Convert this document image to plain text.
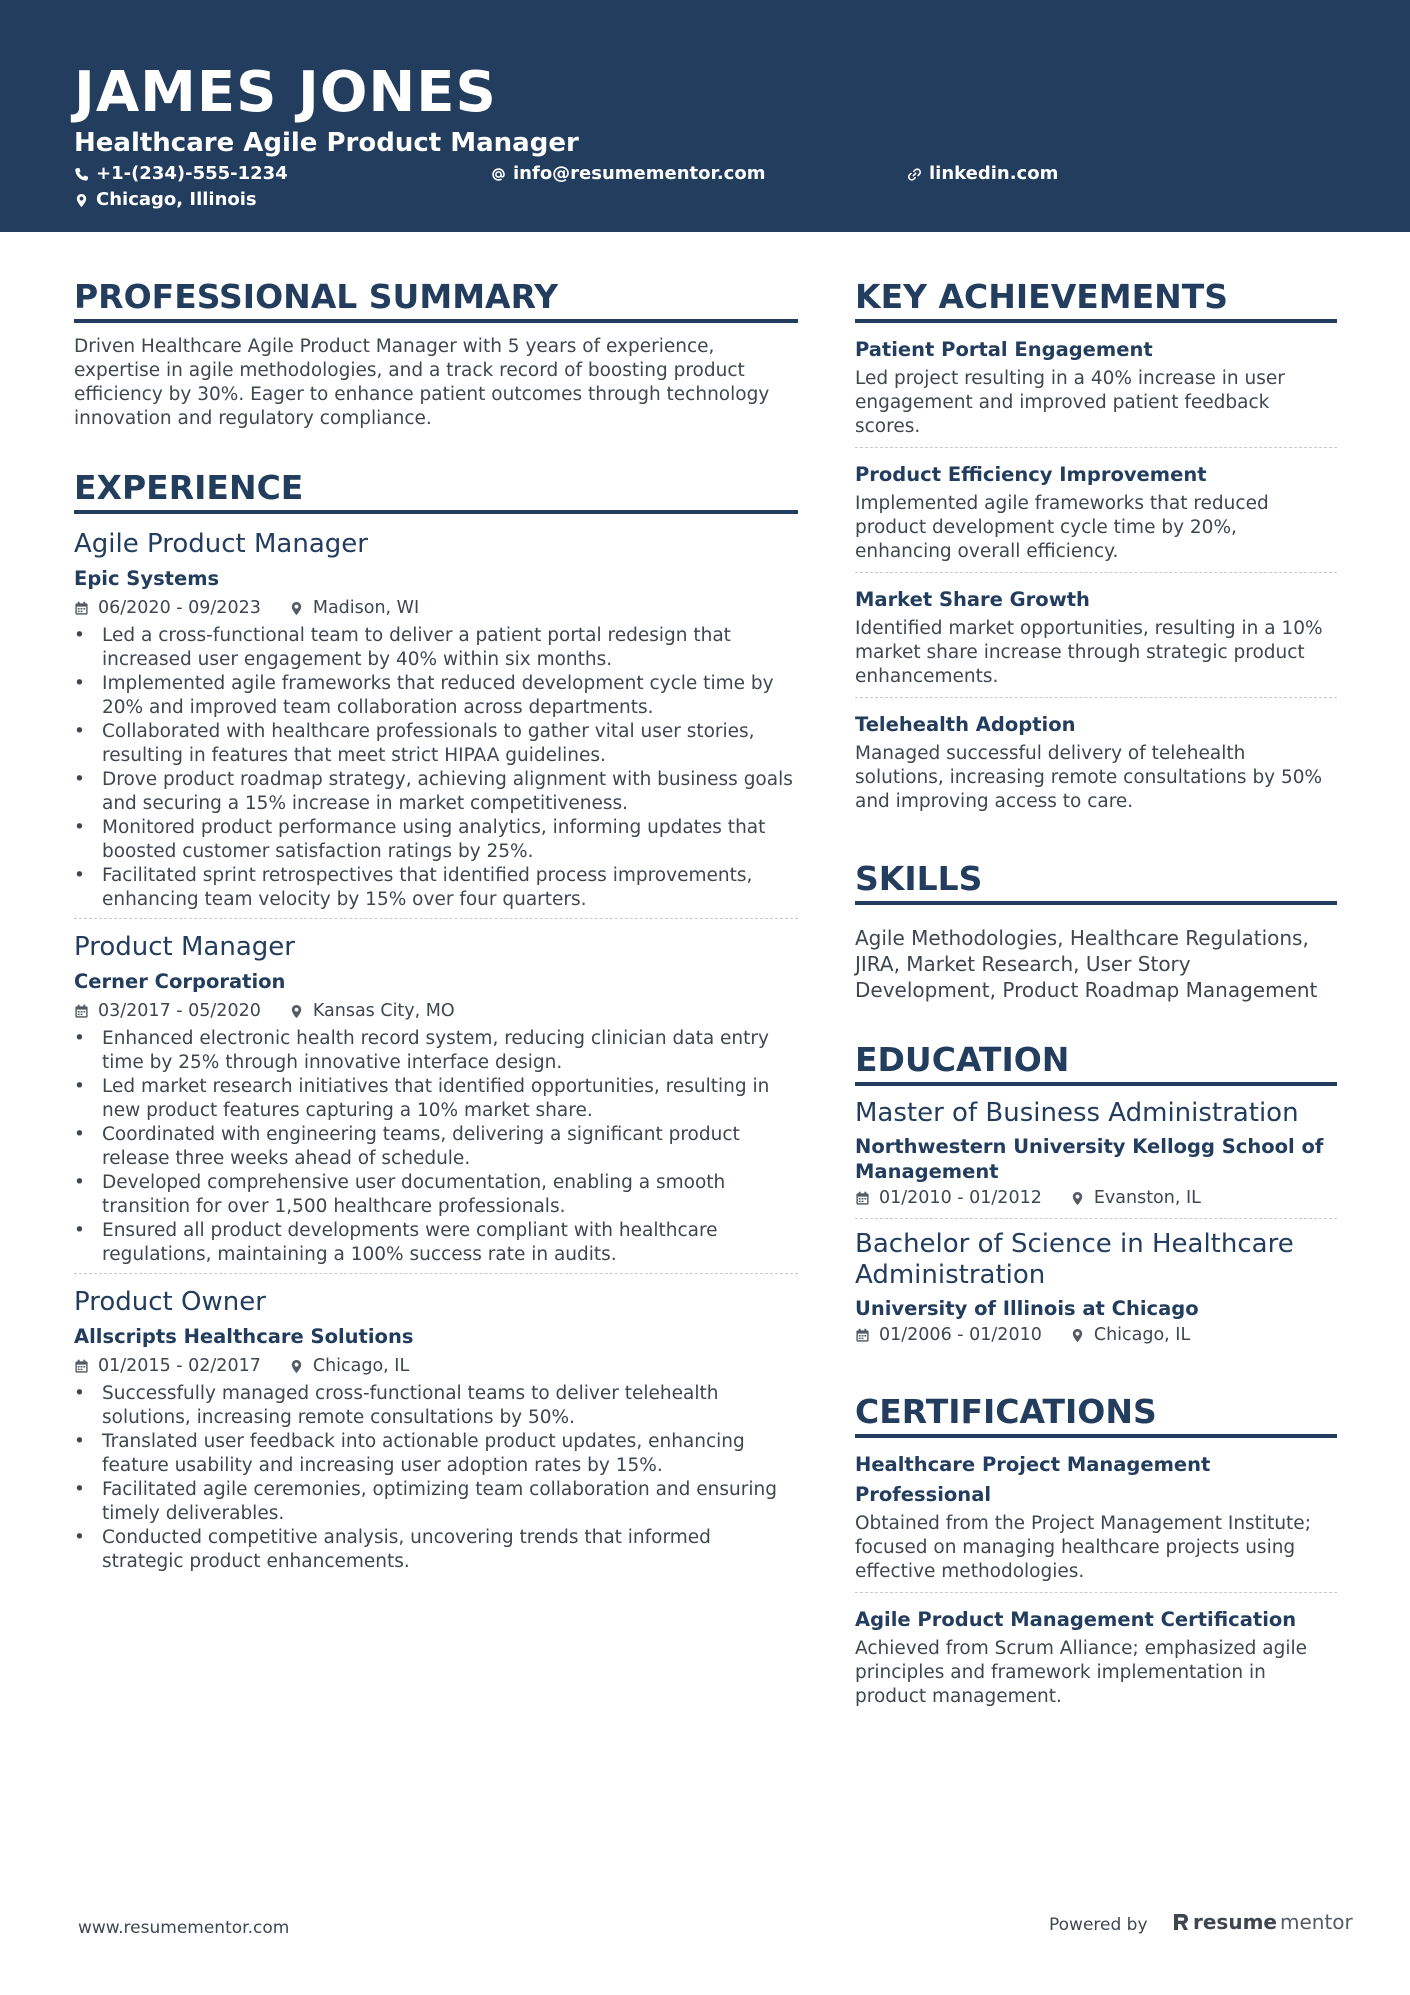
JAMES JONES
Healthcare Agile Product Manager
+1-(234)-555-1234	info@resumementor.com	linkedin.com
Chicago, Illinois
PROFESSIONAL SUMMARY

Driven Healthcare Agile Product Manager with 5 years of experience, expertise in agile methodologies, and a track record of boosting product efficiency by 30%. Eager to enhance patient outcomes through technology innovation and regulatory compliance.

EXPERIENCE
Agile Product Manager
Epic Systems
06/2020 - 09/2023	Madison, WI
• Led a cross-functional team to deliver a patient portal redesign that increased user engagement by 40% within six months.
• Implemented agile frameworks that reduced development cycle time by 20% and improved team collaboration across departments.
• Collaborated with healthcare professionals to gather vital user stories, resulting in features that meet strict HIPAA guidelines.
• Drove product roadmap strategy, achieving alignment with business goals and securing a 15% increase in market competitiveness.
• Monitored product performance using analytics, informing updates that boosted customer satisfaction ratings by 25%.
• Facilitated sprint retrospectives that identified process improvements, enhancing team velocity by 15% over four quarters.
Product Manager
Cerner Corporation
03/2017 - 05/2020	Kansas City, MO
• Enhanced electronic health record system, reducing clinician data entry time by 25% through innovative interface design.
• Led market research initiatives that identified opportunities, resulting in new product features capturing a 10% market share.
• Coordinated with engineering teams, delivering a significant product release three weeks ahead of schedule.
• Developed comprehensive user documentation, enabling a smooth transition for over 1,500 healthcare professionals.
• Ensured all product developments were compliant with healthcare regulations, maintaining a 100% success rate in audits.
Product Owner
Allscripts Healthcare Solutions
01/2015 - 02/2017	Chicago, IL
• Successfully managed cross-functional teams to deliver telehealth solutions, increasing remote consultations by 50%.
• Translated user feedback into actionable product updates, enhancing feature usability and increasing user adoption rates by 15%.
• Facilitated agile ceremonies, optimizing team collaboration and ensuring timely deliverables.
• Conducted competitive analysis, uncovering trends that informed strategic product enhancements.
KEY ACHIEVEMENTS
Patient Portal Engagement
Led project resulting in a 40% increase in user engagement and improved patient feedback scores.
Product Efficiency Improvement
Implemented agile frameworks that reduced product development cycle time by 20%, enhancing overall efficiency.
Market Share Growth
Identified market opportunities, resulting in a 10% market share increase through strategic product enhancements.
Telehealth Adoption
Managed successful delivery of telehealth solutions, increasing remote consultations by 50% and improving access to care.
SKILLS
Agile Methodologies, Healthcare Regulations, JIRA, Market Research, User Story Development, Product Roadmap Management
EDUCATION
Master of Business Administration
Northwestern University Kellogg School of Management
01/2010 - 01/2012	Evanston, IL
Bachelor of Science in Healthcare Administration
University of Illinois at Chicago
01/2006 - 01/2010	Chicago, IL
CERTIFICATIONS
Healthcare Project Management Professional
Obtained from the Project Management Institute; focused on managing healthcare projects using effective methodologies.
Agile Product Management Certification
Achieved from Scrum Alliance; emphasized agile principles and framework implementation in product management.
www.resumementor.com	Powered by resume mentor
